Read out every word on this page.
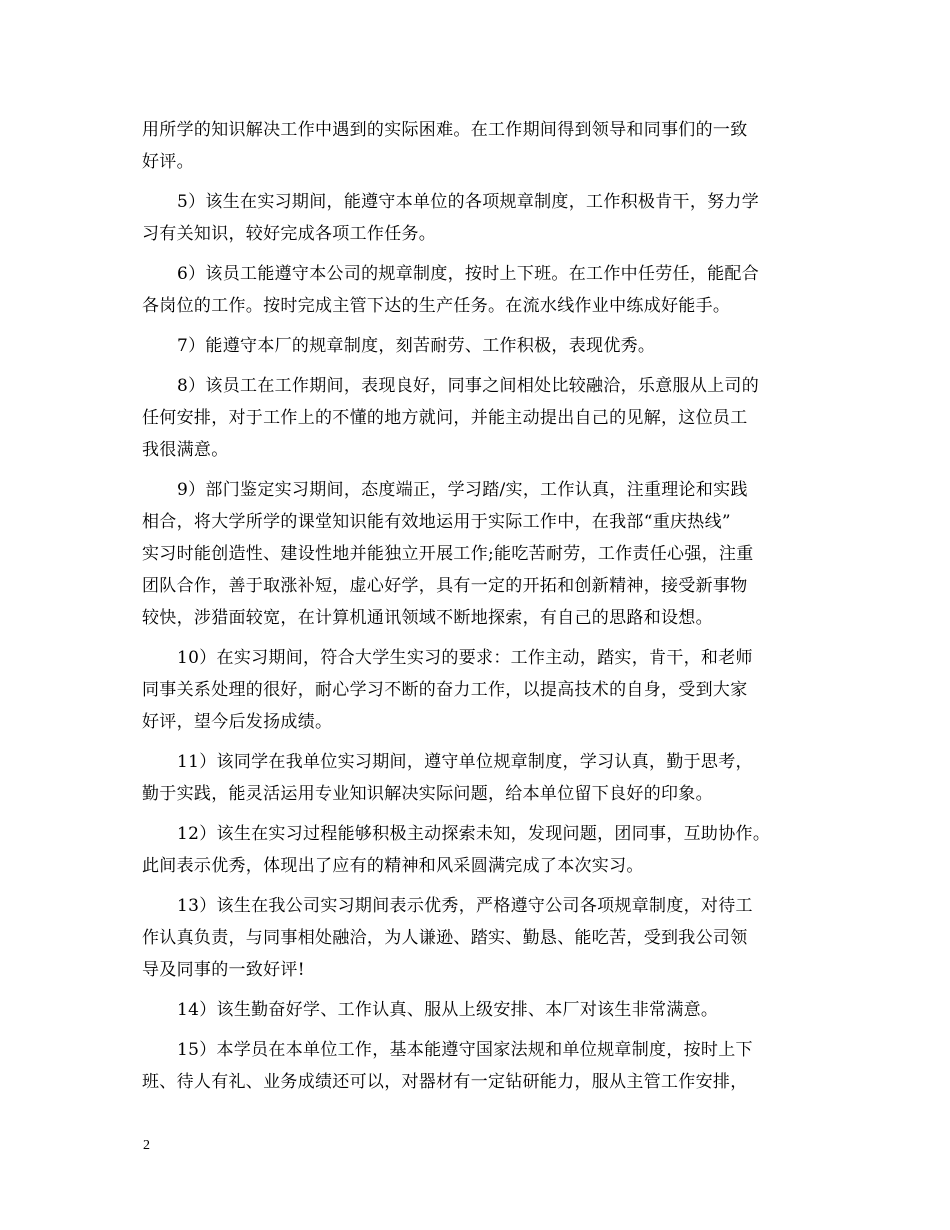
用所学的知识解决工作中遇到的实际困难。在工作期间得到领导和同事们的一致
好评。
5）该生在实习期间，能遵守本单位的各项规章制度，工作积极肯干，努力学
习有关知识，较好完成各项工作任务。
6）该员工能遵守本公司的规章制度，按时上下班。在工作中任劳任，能配合
各岗位的工作。按时完成主管下达的生产任务。在流水线作业中练成好能手。
7）能遵守本厂的规章制度，刻苦耐劳、工作积极，表现优秀。
8）该员工在工作期间，表现良好，同事之间相处比较融洽，乐意服从上司的
任何安排，对于工作上的不懂的地方就问，并能主动提出自己的见解，这位员工
我很满意。
9）部门鉴定实习期间，态度端正，学习踏/实，工作认真，注重理论和实践
相合，将大学所学的课堂知识能有效地运用于实际工作中，在我部“重庆热线”
实习时能创造性、建设性地并能独立开展工作;能吃苦耐劳，工作责任心强，注重
团队合作，善于取涨补短，虚心好学，具有一定的开拓和创新精神，接受新事物
较快，涉猎面较宽，在计算机通讯领域不断地探索，有自己的思路和设想。
10）在实习期间，符合大学生实习的要求：工作主动，踏实，肯干，和老师
同事关系处理的很好，耐心学习不断的奋力工作，以提高技术的自身，受到大家
好评，望今后发扬成绩。
11）该同学在我单位实习期间，遵守单位规章制度，学习认真，勤于思考，
勤于实践，能灵活运用专业知识解决实际问题，给本单位留下良好的印象。
12）该生在实习过程能够积极主动探索未知，发现问题，团同事，互助协作。
此间表示优秀，体现出了应有的精神和风采圆满完成了本次实习。
13）该生在我公司实习期间表示优秀，严格遵守公司各项规章制度，对待工
作认真负责，与同事相处融洽，为人谦逊、踏实、勤恳、能吃苦，受到我公司领
导及同事的一致好评!
14）该生勤奋好学、工作认真、服从上级安排、本厂对该生非常满意。
15）本学员在本单位工作，基本能遵守国家法规和单位规章制度，按时上下
班、待人有礼、业务成绩还可以，对器材有一定钻研能力，服从主管工作安排，
2
